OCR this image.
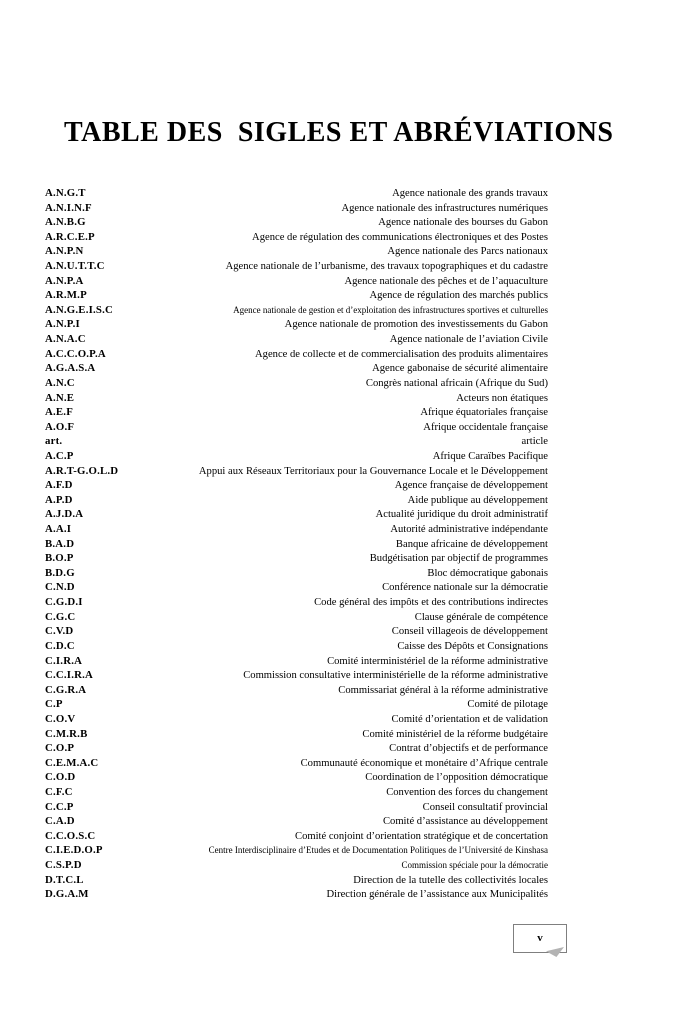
TABLE DES  SIGLES ET ABRÉVIATIONS
A.N.G.T	Agence nationale des grands travaux
A.N.I.N.F	Agence nationale des infrastructures numériques
A.N.B.G	Agence nationale des bourses du Gabon
A.R.C.E.P	Agence de régulation des communications électroniques et des Postes
A.N.P.N	Agence nationale des Parcs nationaux
A.N.U.T.T.C	Agence nationale de l’urbanisme, des travaux topographiques et du cadastre
A.N.P.A	Agence nationale des pêches et de l’aquaculture
A.R.M.P	Agence de régulation des marchés publics
A.N.G.E.I.S.C	Agence nationale de gestion et d’exploitation des infrastructures sportives et culturelles
A.N.P.I	Agence nationale de promotion des investissements du Gabon
A.N.A.C	Agence nationale de l’aviation Civile
A.C.C.O.P.A	Agence de collecte et de commercialisation des produits alimentaires
A.G.A.S.A	Agence gabonaise de sécurité alimentaire
A.N.C	Congrès national africain (Afrique du Sud)
A.N.E	Acteurs non étatiques
A.E.F	Afrique équatoriales française
A.O.F	Afrique occidentale française
art.	article
A.C.P	Afrique Caraïbes Pacifique
A.R.T-G.O.L.D	Appui aux Réseaux Territoriaux pour la Gouvernance Locale et le Développement
A.F.D	Agence française de développement
A.P.D	Aide publique au développement
A.J.D.A	Actualité juridique du droit administratif
A.A.I	Autorité administrative indépendante
B.A.D	Banque africaine de développement
B.O.P	Budgétisation par objectif de programmes
B.D.G	Bloc démocratique gabonais
C.N.D	Conférence nationale sur la démocratie
C.G.D.I	Code général des impôts et des contributions indirectes
C.G.C	Clause générale de compétence
C.V.D	Conseil villageois de développement
C.D.C	Caisse des Dépôts et Consignations
C.I.R.A	Comité interministériel de la réforme administrative
C.C.I.R.A	Commission consultative interministérielle de la réforme administrative
C.G.R.A	Commissariat général à la réforme administrative
C.P	Comité de pilotage
C.O.V	Comité d’orientation et de validation
C.M.R.B	Comité ministériel de la réforme budgétaire
C.O.P	Contrat d’objectifs et de performance
C.E.M.A.C	Communauté économique et monétaire d’Afrique centrale
C.O.D	Coordination de l’opposition démocratique
C.F.C	Convention des forces du changement
C.C.P	Conseil consultatif provincial
C.A.D	Comité d’assistance au développement
C.C.O.S.C	Comité conjoint d’orientation stratégique et de concertation
C.I.E.D.O.P	Centre Interdisciplinaire d’Etudes et de Documentation Politiques de l’Université de Kinshasa
C.S.P.D	Commission spéciale pour la démocratie
D.T.C.L	Direction de la tutelle des collectivités locales
D.G.A.M	Direction générale de l’assistance aux Municipalités
v
